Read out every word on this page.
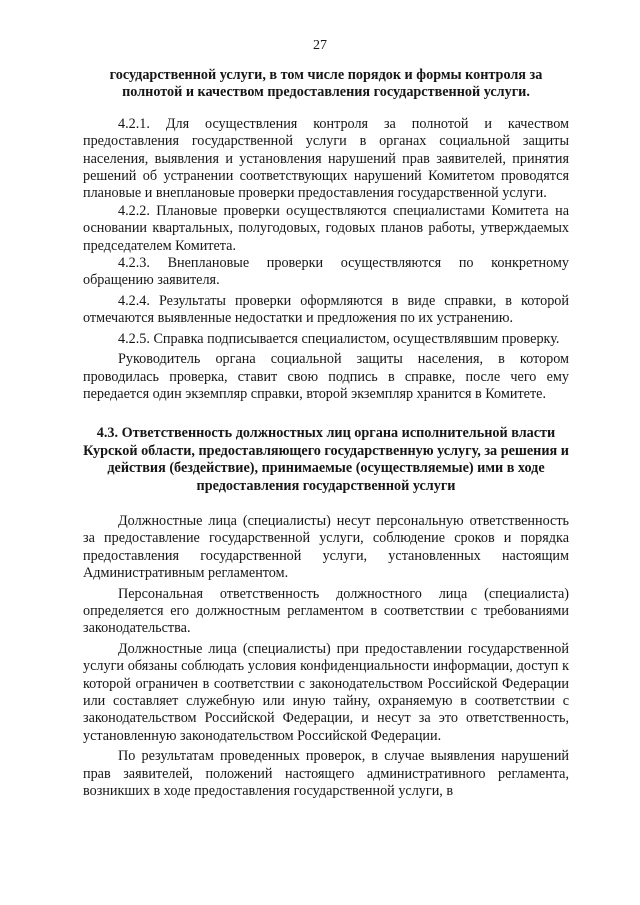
27

государственной услуги, в том числе порядок и формы контроля за полнотой и качеством предоставления государственной услуги.

4.2.1. Для осуществления контроля за полнотой и качеством предоставления государственной услуги в органах социальной защиты населения, выявления и установления нарушений прав заявителей, принятия решений об устранении соответствующих нарушений Комитетом проводятся плановые и внеплановые проверки предоставления государственной услуги.

4.2.2. Плановые проверки осуществляются специалистами Комитета на основании квартальных, полугодовых, годовых планов работы, утверждаемых председателем Комитета.

4.2.3. Внеплановые проверки осуществляются по конкретному обращению заявителя.

4.2.4. Результаты проверки оформляются в виде справки, в которой отмечаются выявленные недостатки и предложения по их устранению.

4.2.5. Справка подписывается специалистом, осуществлявшим проверку.

Руководитель органа социальной защиты населения, в котором проводилась проверка, ставит свою подпись в справке, после чего ему передается один экземпляр справки, второй экземпляр хранится в Комитете.

4.3. Ответственность должностных лиц органа исполнительной власти Курской области, предоставляющего государственную услугу, за решения и действия (бездействие), принимаемые (осуществляемые) ими в ходе предоставления государственной услуги

Должностные лица (специалисты) несут персональную ответственность за предоставление государственной услуги, соблюдение сроков и порядка предоставления государственной услуги, установленных настоящим Административным регламентом.

Персональная ответственность должностного лица (специалиста) определяется его должностным регламентом в соответствии с требованиями законодательства.

Должностные лица (специалисты) при предоставлении государственной услуги обязаны соблюдать условия конфиденциальности информации, доступ к которой ограничен в соответствии с законодательством Российской Федерации или составляет служебную или иную тайну, охраняемую в соответствии с законодательством Российской Федерации, и несут за это ответственность, установленную законодательством Российской Федерации.

По результатам проведенных проверок, в случае выявления нарушений прав заявителей, положений настоящего административного регламента, возникших в ходе предоставления государственной услуги, в
